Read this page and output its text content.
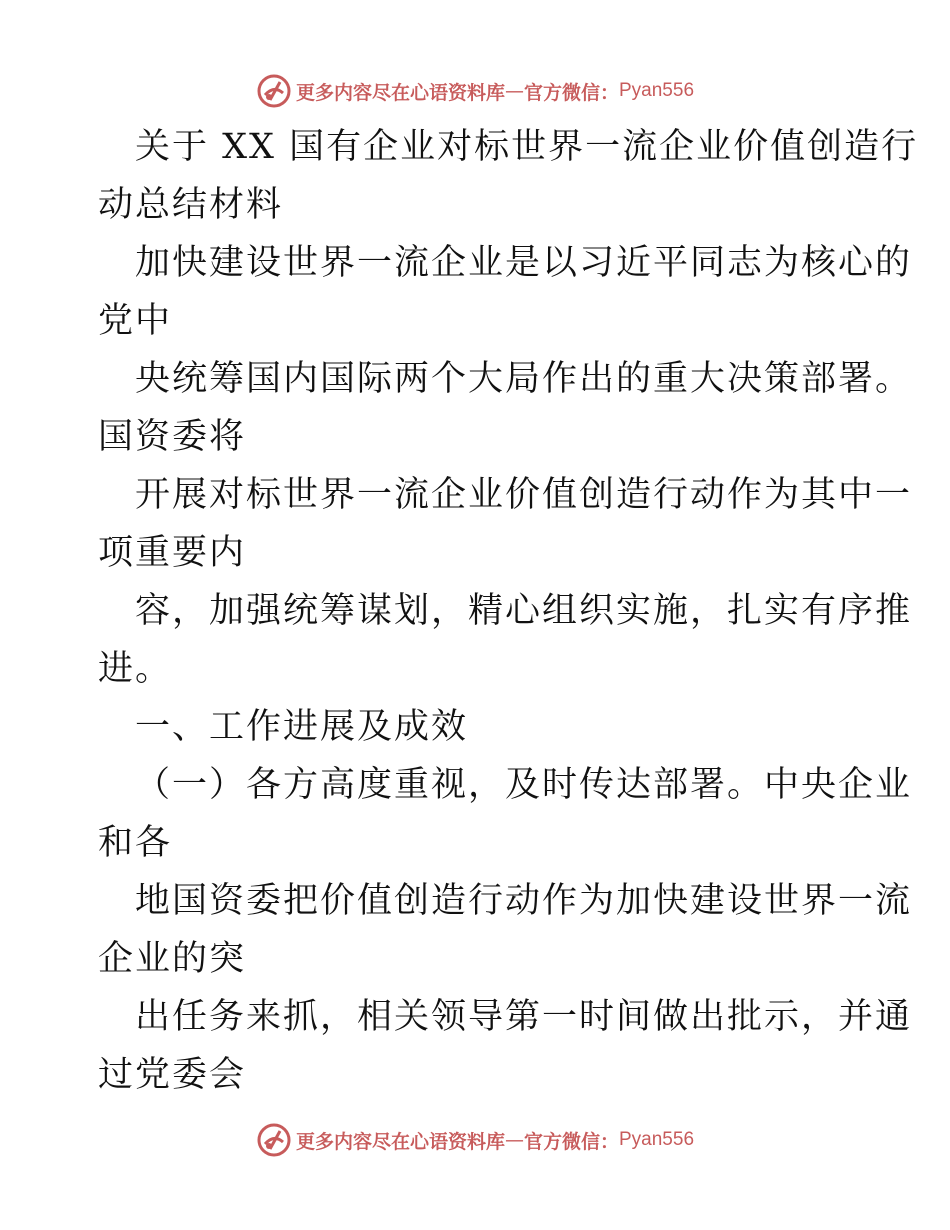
更多内容尽在心语资料库 — 官方微信： Pyan556
关于 XX 国有企业对标世界一流企业价值创造行
动总结材料
加快建设世界一流企业是以习近平同志为核心的
党中
央统筹国内国际两个大局作出的重大决策部署。
国资委将
开展对标世界一流企业价值创造行动作为其中一
项重要内
容，加强统筹谋划，精心组织实施，扎实有序推
进。
一、工作进展及成效
（一）各方高度重视，及时传达部署。中央企业
和各
地国资委把价值创造行动作为加快建设世界一流
企业的突
出任务来抓，相关领导第一时间做出批示，并通
过党委会
更多内容尽在心语资料库 — 官方微信： Pyan556
